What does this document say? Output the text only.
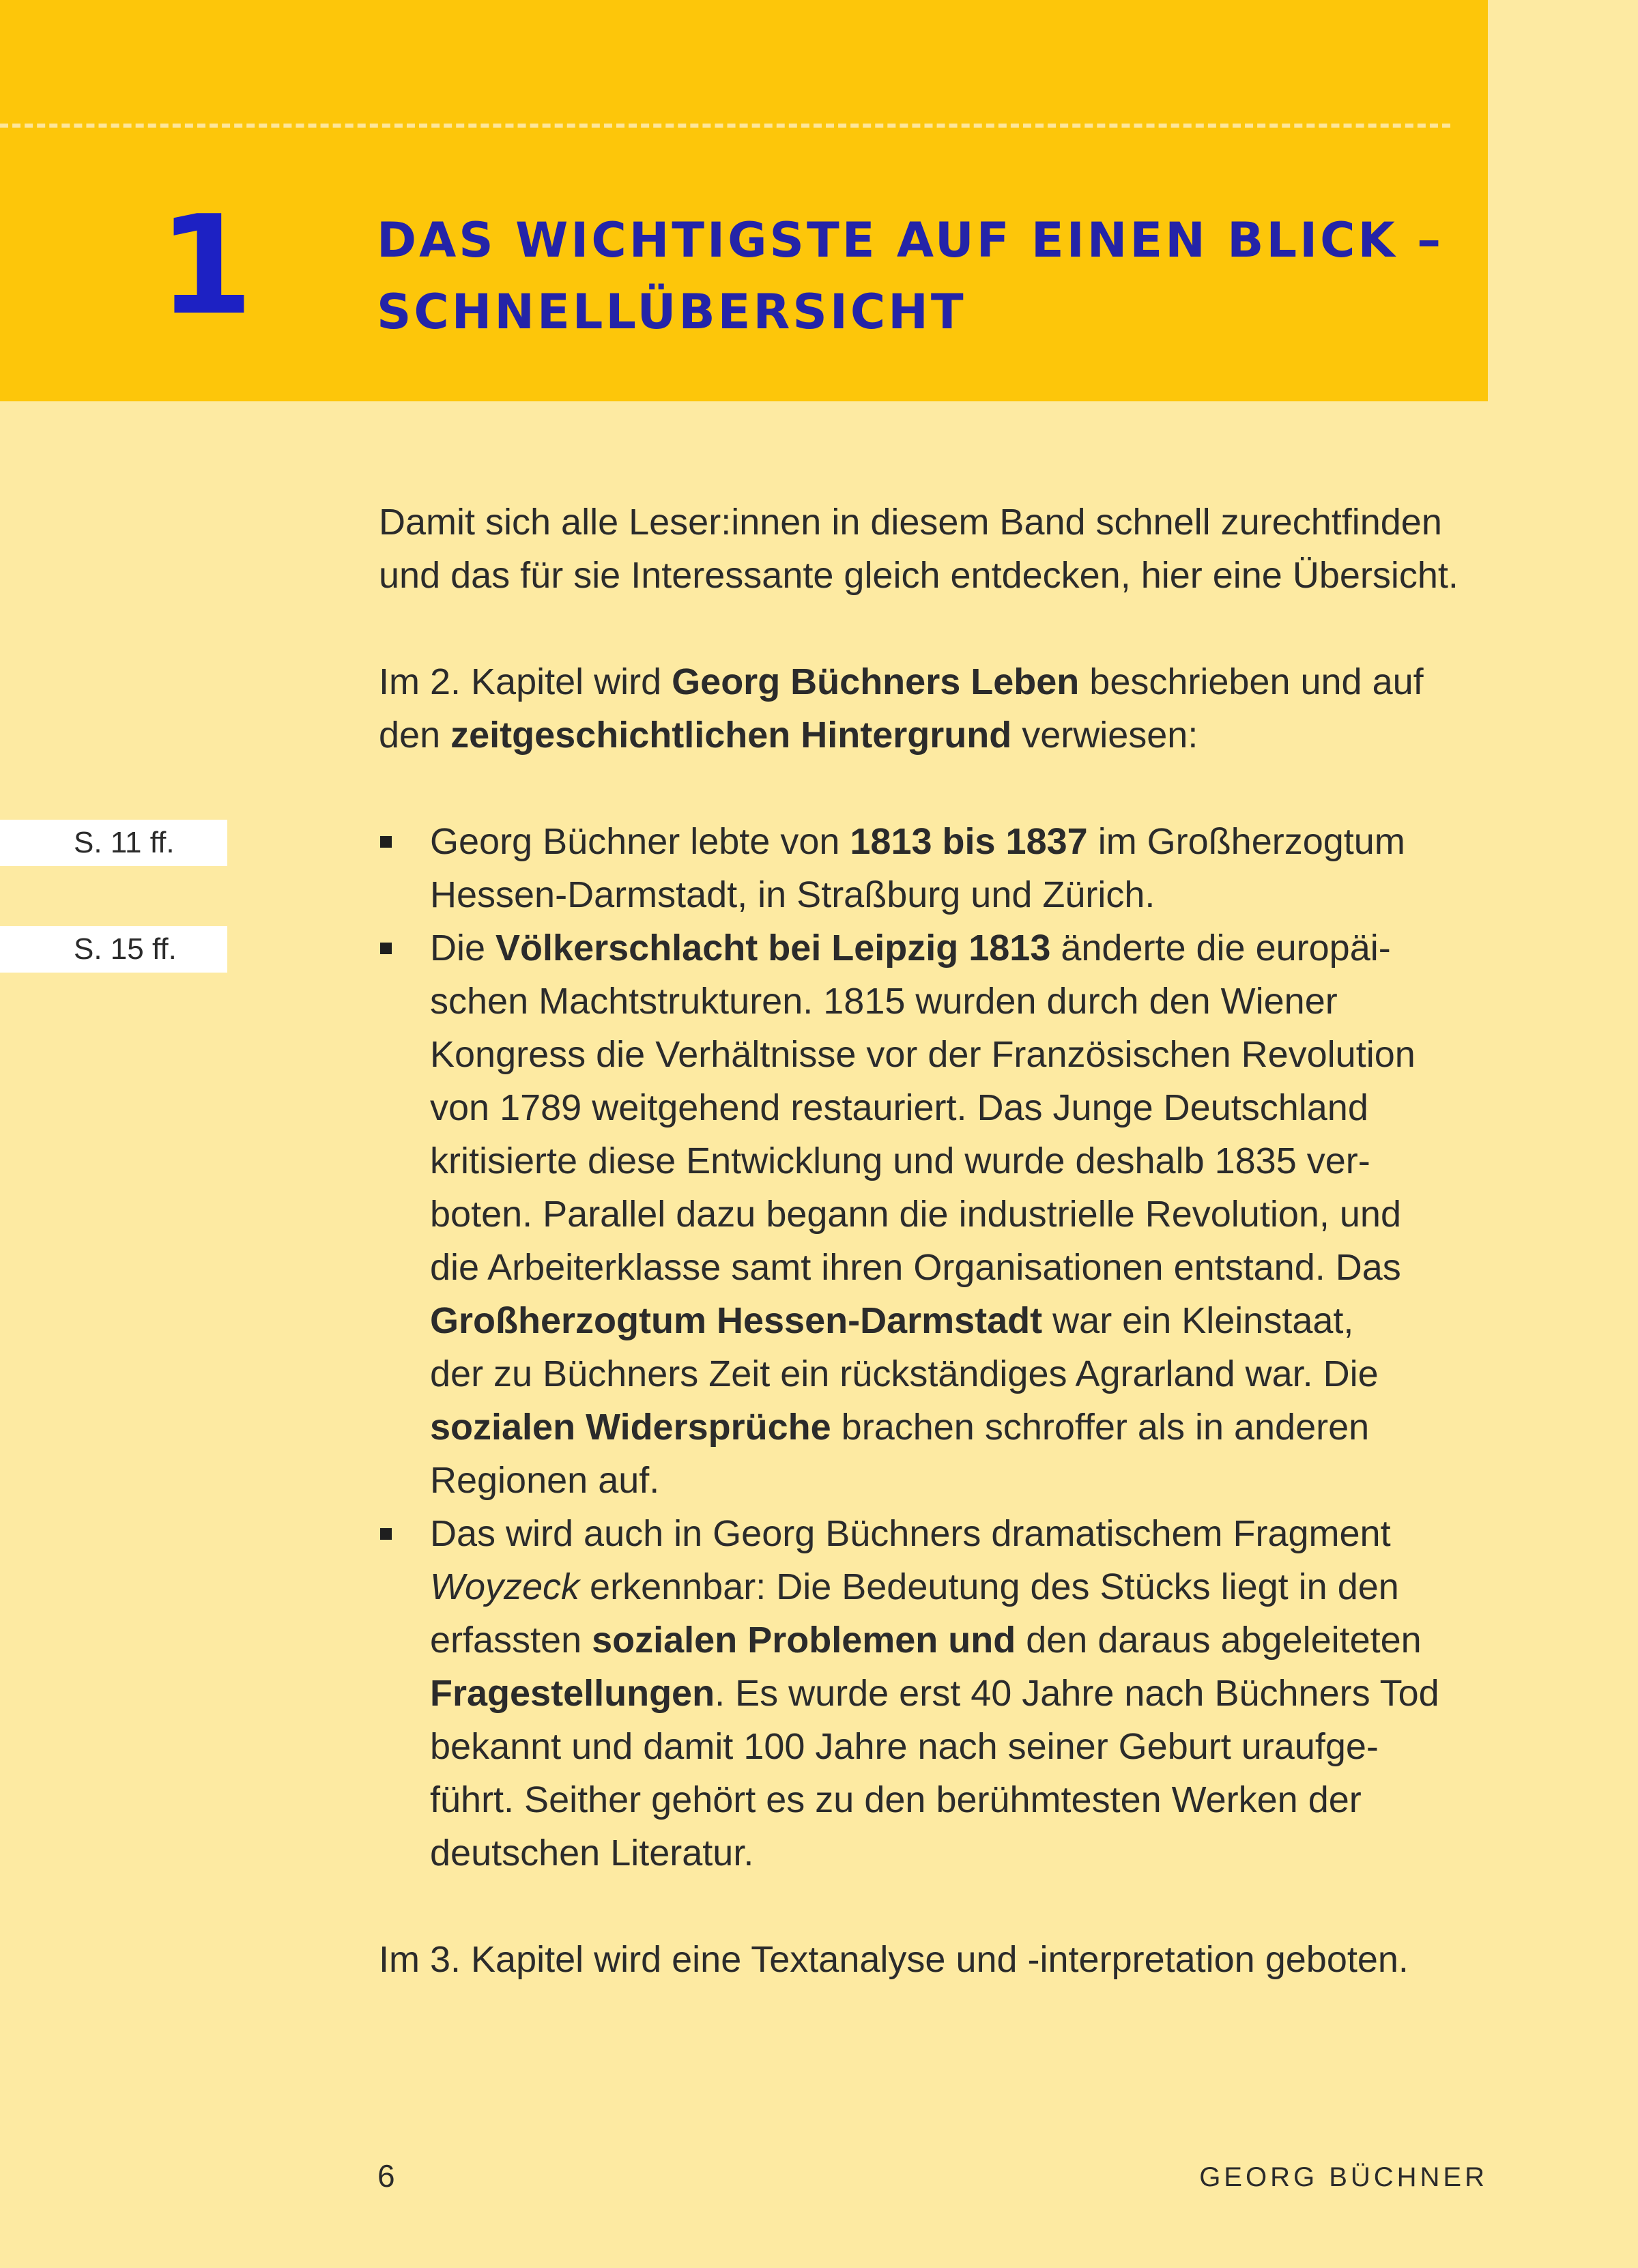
1	DAS WICHTIGSTE AUF EINEN BLICK –
SCHNELLÜBERSICHT
S. 11 ff.
S. 15 ff.

Damit sich alle Leser:innen in diesem Band schnell zurechtfinden
und das für sie Interessante gleich entdecken, hier eine Übersicht.

Im 2. Kapitel wird Georg Büchners Leben beschrieben und auf
den zeitgeschichtlichen Hintergrund verwiesen:

Georg Büchner lebte von 1813 bis 1837 im Großherzogtum
Hessen-Darmstadt, in Straßburg und Zürich.
Die Völkerschlacht bei Leipzig 1813 änderte die europäi-
schen Machtstrukturen. 1815 wurden durch den Wiener
Kongress die Verhältnisse vor der Französischen Revolution
von 1789 weitgehend restauriert. Das Junge Deutschland
kritisierte diese Entwicklung und wurde deshalb 1835 ver-
boten. Parallel dazu begann die industrielle Revolution, und
die Arbeiterklasse samt ihren Organisationen entstand. Das
Großherzogtum Hessen-Darmstadt war ein Kleinstaat,
der zu Büchners Zeit ein rückständiges Agrarland war. Die
sozialen Widersprüche brachen schroffer als in anderen
Regionen auf.
Das wird auch in Georg Büchners dramatischem Fragment
Woyzeck erkennbar: Die Bedeutung des Stücks liegt in den
erfassten sozialen Problemen und den daraus abgeleiteten
Fragestellungen. Es wurde erst 40 Jahre nach Büchners Tod
bekannt und damit 100 Jahre nach seiner Geburt uraufge-
führt. Seither gehört es zu den berühmtesten Werken der
deutschen Literatur.

Im 3. Kapitel wird eine Textanalyse und -interpretation geboten.

6	GEORG BÜCHNER
